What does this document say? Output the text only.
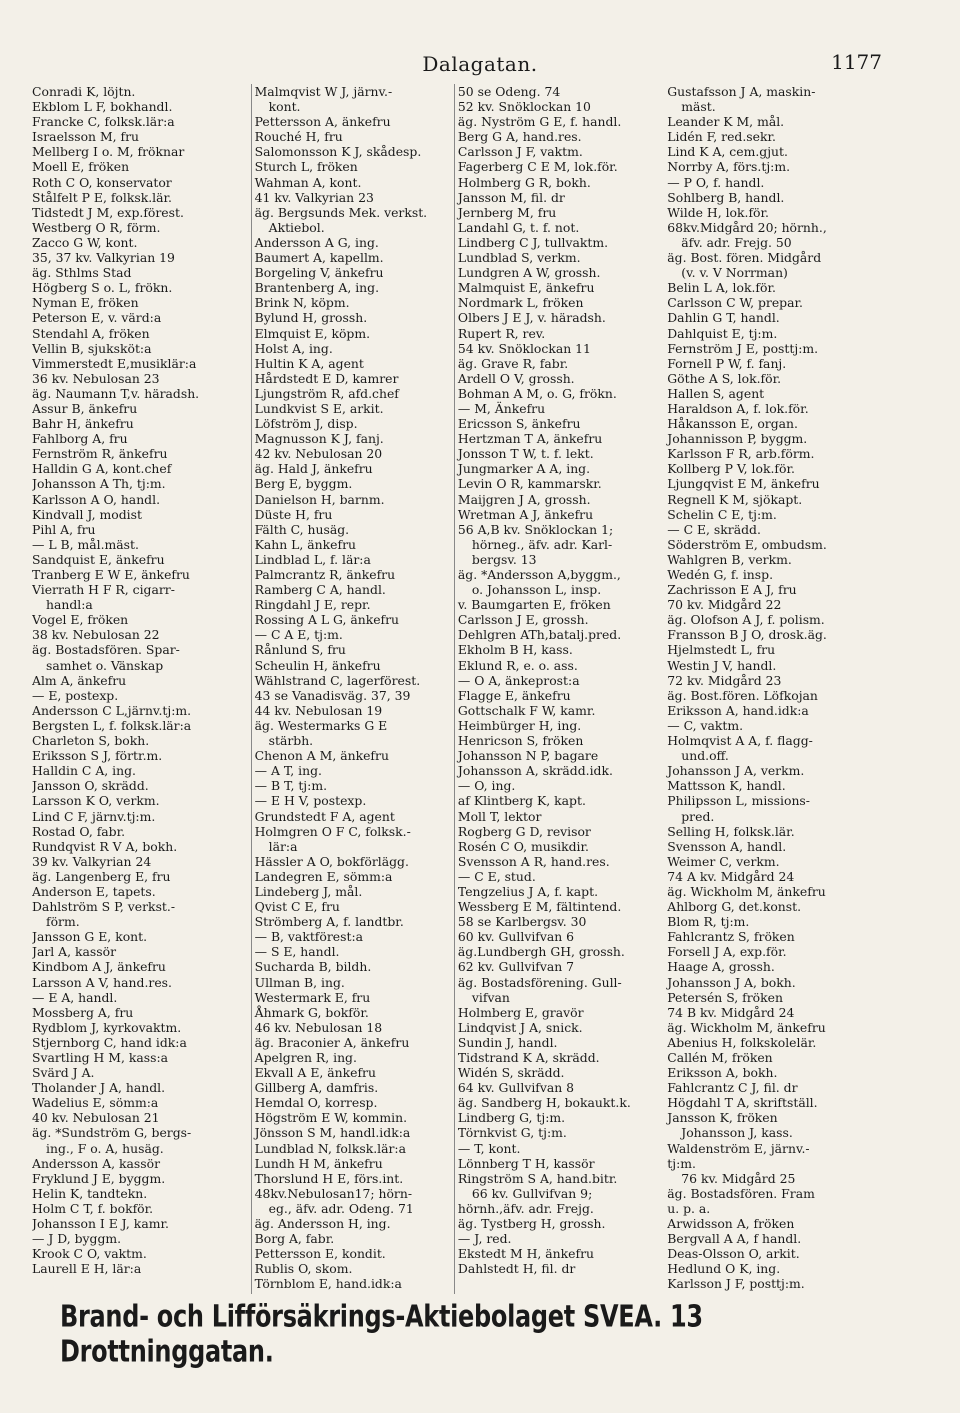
Dalagatan.	1177
Conradi K, löjtn.
Ekblom L F, bokhandl.
Francke C, folksk.lär:a
Israelsson M, fru
Mellberg I o. M, fröknar
Moell E, fröken
Roth C O, konservator
Stålfelt P E, folksk.lär.
Tidstedt J M, exp.förest.
Westberg O R, förm.
Zacco G W, kont.
35, 37 kv. Valkyrian 19
äg. Sthlms Stad
Högberg S o. L, frökn.
Nyman E, fröken
Peterson E, v. värd:a
Stendahl A, fröken
Vellin B, sjuksköt:a
Vimmerstedt E,musiklär:a
36 kv. Nebulosan 23
äg. Naumann T,v. häradsh.
Assur B, änkefru
Bahr H, änkefru
Fahlborg A, fru
Fernström R, änkefru
Halldin G A, kont.chef
Johansson A Th, tj:m.
Karlsson A O, handl.
Kindvall J, modist
Pihl A, fru
— L B, mål.mäst.
Sandquist E, änkefru
Tranberg E W E, änkefru
Vierrath H F R, cigarr-
handl:a
Vogel E, fröken
38 kv. Nebulosan 22
äg. Bostadsfören. Spar-
samhet o. Vänskap
Alm A, änkefru
— E, postexp.
Andersson C L,järnv.tj:m.
Bergsten L, f. folksk.lär:a
Charleton S, bokh.
Eriksson S J, förtr.m.
Halldin C A, ing.
Jansson O, skrädd.
Larsson K O, verkm.
Lind C F, järnv.tj:m.
Rostad O, fabr.
Rundqvist R V A, bokh.
39 kv. Valkyrian 24
äg. Langenberg E, fru
Anderson E, tapets.
Dahlström S P, verkst.-
förm.
Jansson G E, kont.
Jarl A, kassör
Kindbom A J, änkefru
Larsson A V, hand.res.
— E A, handl.
Mossberg A, fru
Rydblom J, kyrkovaktm.
Stjernborg C, hand idk:a
Svartling H M, kass:a
Svärd J A.
Tholander J A, handl.
Wadelius E, sömm:a
40 kv. Nebulosan 21
äg. *Sundström G, bergs-
ing., F o. A, husäg.
Andersson A, kassör
Fryklund J E, byggm.
Helin K, tandtekn.
Holm C T, f. bokför.
Johansson I E J, kamr.
— J D, byggm.
Krook C O, vaktm.
Laurell E H, lär:a
Malmqvist W J, järnv.-
kont.
Pettersson A, änkefru
Rouché H, fru
Salomonsson K J, skådesp.
Sturch L, fröken
Wahman A, kont.
41 kv. Valkyrian 23
äg. Bergsunds Mek. verkst.
Aktiebol.
Andersson A G, ing.
Baumert A, kapellm.
Borgeling V, änkefru
Brantenberg A, ing.
Brink N, köpm.
Bylund H, grossh.
Elmquist E, köpm.
Holst A, ing.
Hultin K A, agent
Hårdstedt E D, kamrer
Ljungström R, afd.chef
Lundkvist S E, arkit.
Löfström J, disp.
Magnusson K J, fanj.
42 kv. Nebulosan 20
äg. Hald J, änkefru
Berg E, byggm.
Danielson H, barnm.
Düste H, fru
Fälth C, husäg.
Kahn L, änkefru
Lindblad L, f. lär:a
Palmcrantz R, änkefru
Ramberg C A, handl.
Ringdahl J E, repr.
Rossing A L G, änkefru
— C A E, tj:m.
Rånlund S, fru
Scheulin H, änkefru
Wählstrand C, lagerförest.
43 se Vanadisväg. 37, 39
44 kv. Nebulosan 19
äg. Westermarks G E
stärbh.
Chenon A M, änkefru
— A T, ing.
— B T, tj:m.
— E H V, postexp.
Grundstedt F A, agent
Holmgren O F C, folksk.-
lär:a
Hässler A O, bokförlägg.
Landegren E, sömm:a
Lindeberg J, mål.
Qvist C E, fru
Strömberg A, f. landtbr.
— B, vaktförest:a
— S E, handl.
Sucharda B, bildh.
Ullman B, ing.
Westermark E, fru
Åhmark G, bokför.
46 kv. Nebulosan 18
äg. Braconier A, änkefru
Apelgren R, ing.
Ekvall A E, änkefru
Gillberg A, damfris.
Hemdal O, korresp.
Högström E W, kommin.
Jönsson S M, handl.idk:a
Lundblad N, folksk.lär:a
Lundh H M, änkefru
Thorslund H E, förs.int.
48kv.Nebulosan17; hörn-
eg., äfv. adr. Odeng. 71
äg. Andersson H, ing.
Borg A, fabr.
Pettersson E, kondit.
Rublis O, skom.
Törnblom E, hand.idk:a
50 se Odeng. 74
52 kv. Snöklockan 10
äg. Nyström G E, f. handl.
Berg G A, hand.res.
Carlsson J F, vaktm.
Fagerberg C E M, lok.för.
Holmberg G R, bokh.
Jansson M, fil. dr
Jernberg M, fru
Landahl G, t. f. not.
Lindberg C J, tullvaktm.
Lundblad S, verkm.
Lundgren A W, grossh.
Malmquist E, änkefru
Nordmark L, fröken
Olbers J E J, v. häradsh.
Rupert R, rev.
54 kv. Snöklockan 11
äg. Grave R, fabr.
Ardell O V, grossh.
Bohman A M, o. G, frökn.
— M, Änkefru
Ericsson S, änkefru
Hertzman T A, änkefru
Jonsson T W, t. f. lekt.
Jungmarker A A, ing.
Levin O R, kammarskr.
Maijgren J A, grossh.
Wretman A J, änkefru
56 A,B kv. Snöklockan 1;
hörneg., äfv. adr. Karl-
bergsv. 13
äg. *Andersson A,byggm.,
o. Johansson L, insp.
v. Baumgarten E, fröken
Carlsson J E, grossh.
Dehlgren ATh,batalj.pred.
Ekholm B H, kass.
Eklund R, e. o. ass.
— O A, änkeprost:a
Flagge E, änkefru
Gottschalk F W, kamr.
Heimbürger H, ing.
Henricson S, fröken
Johansson N P, bagare
Johansson A, skrädd.idk.
— O, ing.
af Klintberg K, kapt.
Moll T, lektor
Rogberg G D, revisor
Rosén C O, musikdir.
Svensson A R, hand.res.
— C E, stud.
Tengzelius J A, f. kapt.
Wessberg E M, fältintend.
58 se Karlbergsv. 30
60 kv. Gullvifvan 6
äg.Lundbergh GH, grossh.
62 kv. Gullvifvan 7
äg. Bostadsförening. Gull-
vifvan
Holmberg E, gravör
Lindqvist J A, snick.
Sundin J, handl.
Tidstrand K A, skrädd.
Widén S, skrädd.
64 kv. Gullvifvan 8
äg. Sandberg H, bokaukt.k.
Lindberg G, tj:m.
Törnkvist G, tj:m.
— T, kont.
Lönnberg T H, kassör
Ringström S A, hand.bitr.
66 kv. Gullvifvan 9;
hörnh.,äfv. adr. Frejg.
äg. Tystberg H, grossh.
— J, red.
Ekstedt M H, änkefru
Dahlstedt H, fil. dr
Gustafsson J A, maskin-
mäst.
Leander K M, mål.
Lidén F, red.sekr.
Lind K A, cem.gjut.
Norrby A, förs.tj:m.
— P O, f. handl.
Sohlberg B, handl.
Wilde H, lok.för.
68kv.Midgård 20; hörnh.,
äfv. adr. Frejg. 50
äg. Bost. fören. Midgård
(v. v. V Norrman)
Belin L A, lok.för.
Carlsson C W, prepar.
Dahlin G T, handl.
Dahlquist E, tj:m.
Fernström J E, posttj:m.
Fornell P W, f. fanj.
Göthe A S, lok.för.
Hallen S, agent
Haraldson A, f. lok.för.
Håkansson E, organ.
Johannisson P, byggm.
Karlsson F R, arb.förm.
Kollberg P V, lok.för.
Ljungqvist E M, änkefru
Regnell K M, sjökapt.
Schelin C E, tj:m.
— C E, skrädd.
Söderström E, ombudsm.
Wahlgren B, verkm.
Wedén G, f. insp.
Zachrisson E A J, fru
70 kv. Midgård 22
äg. Olofson A J, f. polism.
Fransson B J O, drosk.äg.
Hjelmstedt L, fru
Westin J V, handl.
72 kv. Midgård 23
äg. Bost.fören. Löfkojan
Eriksson A, hand.idk:a
— C, vaktm.
Holmqvist A A, f. flagg-
und.off.
Johansson J A, verkm.
Mattsson K, handl.
Philipsson L, missions-
pred.
Selling H, folksk.lär.
Svensson A, handl.
Weimer C, verkm.
74 A kv. Midgård 24
äg. Wickholm M, änkefru
Ahlborg G, det.konst.
Blom R, tj:m.
Fahlcrantz S, fröken
Forsell J A, exp.för.
Haage A, grossh.
Johansson J A, bokh.
Petersén S, fröken
74 B kv. Midgård 24
äg. Wickholm M, änkefru
Abenius H, folkskolelär.
Callén M, fröken
Eriksson A, bokh.
Fahlcrantz C J, fil. dr
Högdahl T A, skriftställ.
Jansson K, fröken
Johansson J, kass.
Waldenström E, järnv.-
tj:m.
76 kv. Midgård 25
äg. Bostadsfören. Fram
u. p. a.
Arwidsson A, fröken
Bergvall A A, f handl.
Deas-Olsson O, arkit.
Hedlund O K, ing.
Karlsson J F, posttj:m.
Brand- och Lifförsäkrings-Aktiebolaget SVEA. 13 Drottninggatan.
